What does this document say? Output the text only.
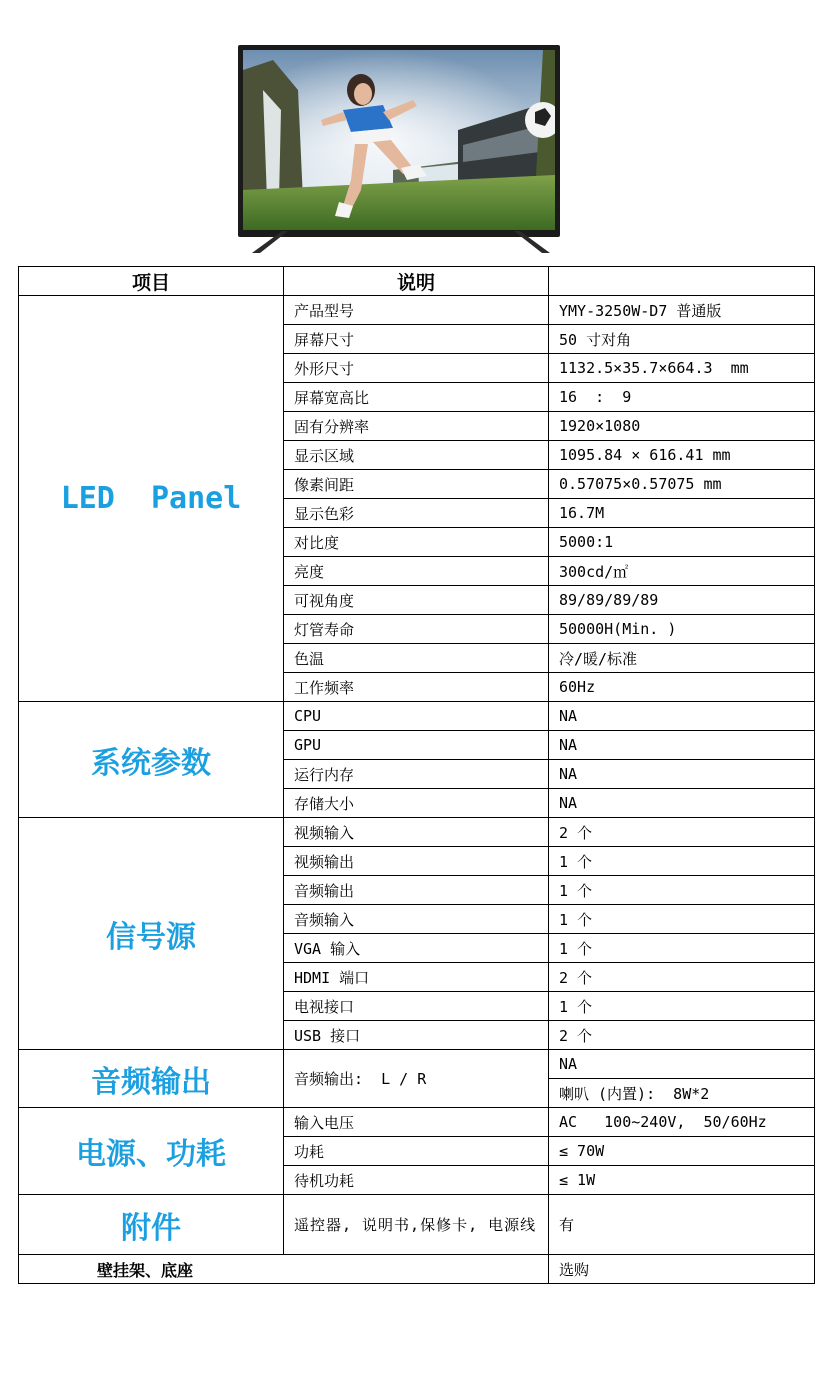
项目	说明	
LED  Panel	产品型号	YMY-3250W-D7 普通版
	屏幕尺寸	50 寸对角
	外形尺寸	1132.5×35.7×664.3  mm
	屏幕宽高比	16  :  9
	固有分辨率	1920×1080
	显示区域	1095.84 × 616.41 mm
	像素间距	0.57075×0.57075 mm
	显示色彩	16.7M
	对比度	5000:1
	亮度	300cd/㎡
	可视角度	89/89/89/89
	灯管寿命	50000H(Min. )
	色温	冷/暖/标准
	工作频率	60Hz
系统参数	CPU	NA
	GPU	NA
	运行内存	NA
	存储大小	NA
信号源	视频输入	2 个
	视频输出	1 个
	音频输出	1 个
	音频输入	1 个
	VGA 输入	1 个
	HDMI 端口	2 个
	电视接口	1 个
	USB 接口	2 个
音频输出	音频输出:  L / R	NA
		喇叭 (内置):  8W*2
电源、功耗	输入电压	AC   100~240V,  50/60Hz
	功耗	≤ 70W
	待机功耗	≤ 1W
附件	遥控器, 说明书,保修卡, 电源线	有
壁挂架、底座		选购
